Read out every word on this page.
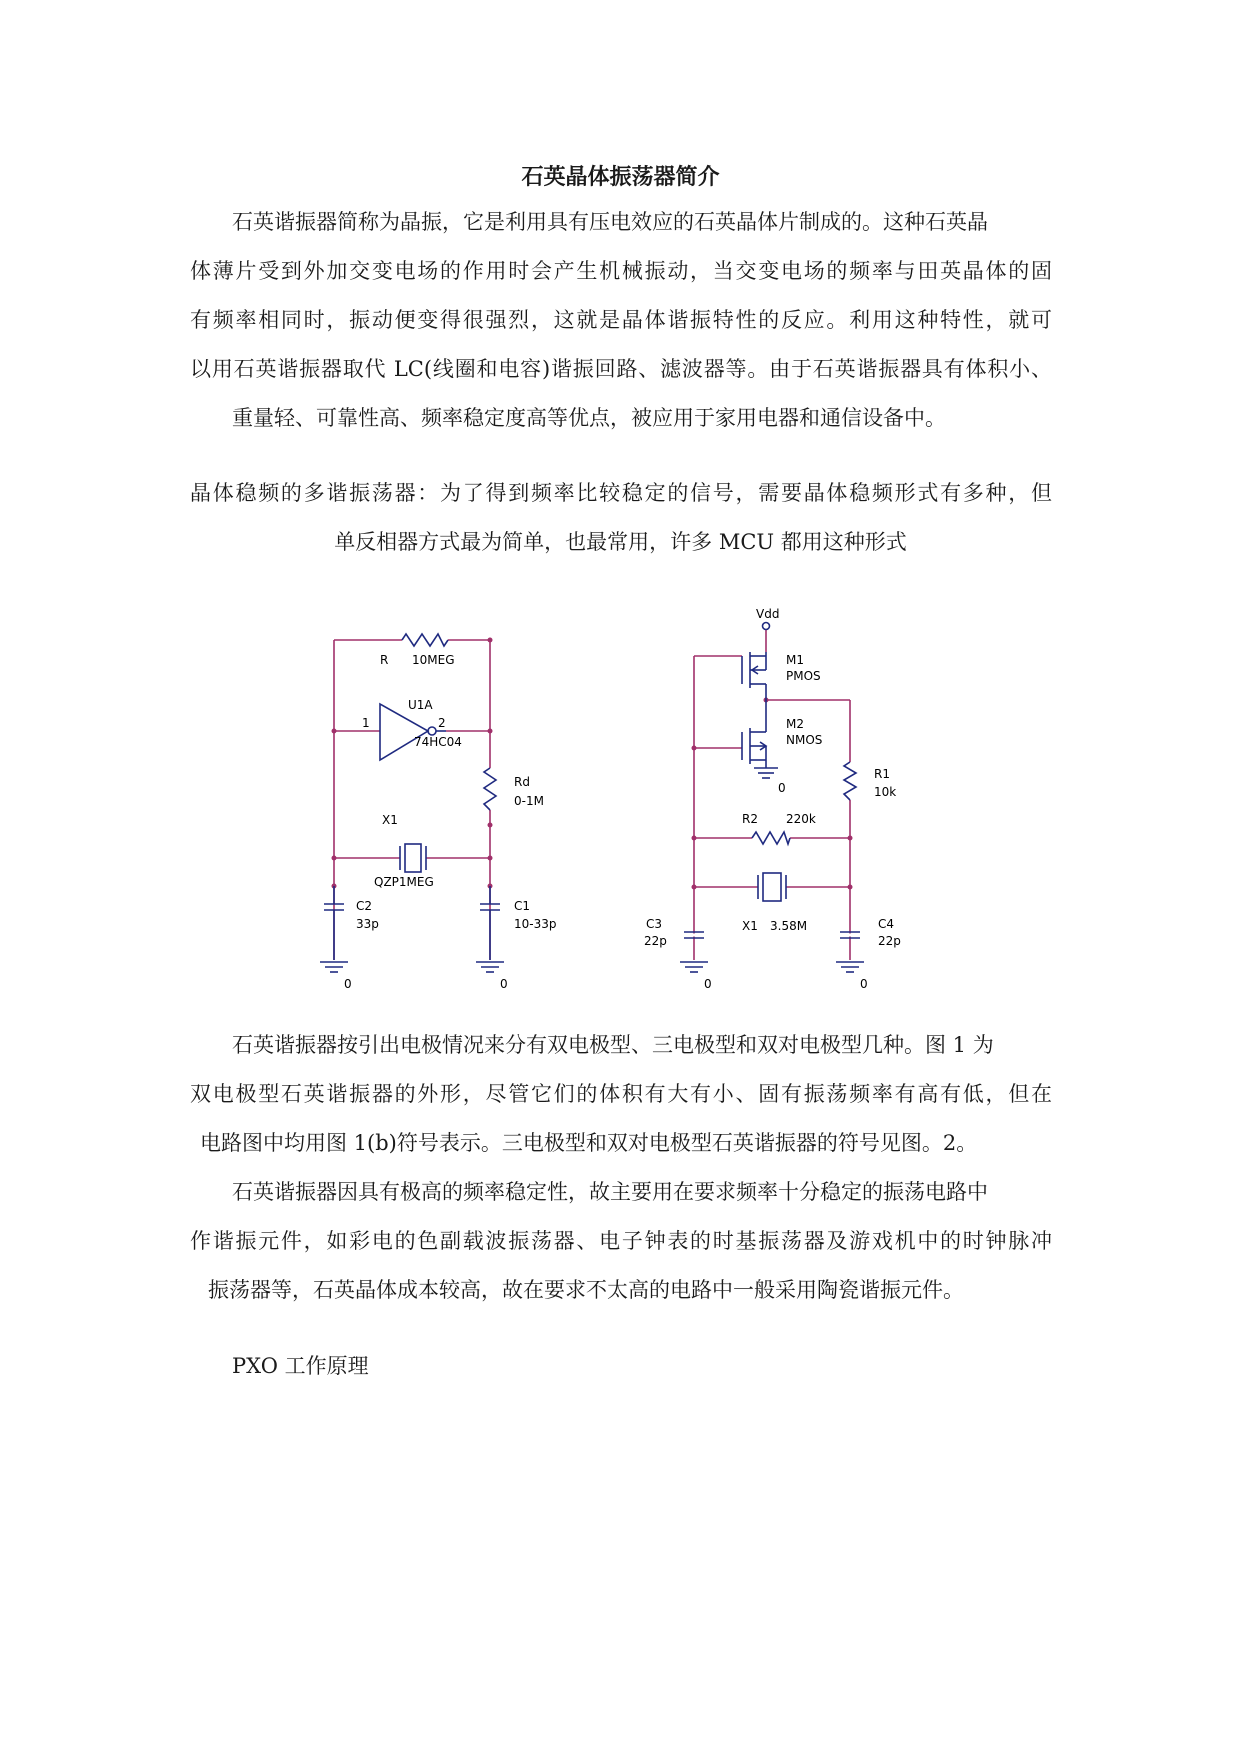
石英晶体振荡器简介
石英谐振器简称为晶振，它是利用具有压电效应的石英晶体片制成的。这种石英晶
体薄片受到外加交变电场的作用时会产生机械振动，当交变电场的频率与田英晶体的固
有频率相同时，振动便变得很强烈，这就是晶体谐振特性的反应。利用这种特性，就可
以用石英谐振器取代 LC(线圈和电容)谐振回路、滤波器等。由于石英谐振器具有体积小、
重量轻、可靠性高、频率稳定度高等优点，被应用于家用电器和通信设备中。
晶体稳频的多谐振荡器：为了得到频率比较稳定的信号，需要晶体稳频形式有多种，但
单反相器方式最为简单，也最常用，许多 MCU 都用这种形式
R 10MEG
U1A
1	2
74HC04
Rd
0-1M
X1
QZP1MEG
C2
33p
C1
10-33p
0	0
Vdd
M1
PMOS
M2
NMOS
0
R1
10k
R2 220k
X1 3.58M
C3
22p
C4
22p
0	0
石英谐振器按引出电极情况来分有双电极型、三电极型和双对电极型几种。图 1 为
双电极型石英谐振器的外形，尽管它们的体积有大有小、固有振荡频率有高有低，但在
电路图中均用图 1(b)符号表示。三电极型和双对电极型石英谐振器的符号见图。2。
石英谐振器因具有极高的频率稳定性，故主要用在要求频率十分稳定的振荡电路中
作谐振元件，如彩电的色副载波振荡器、电子钟表的时基振荡器及游戏机中的时钟脉冲
振荡器等，石英晶体成本较高，故在要求不太高的电路中一般采用陶瓷谐振元件。
PXO 工作原理
